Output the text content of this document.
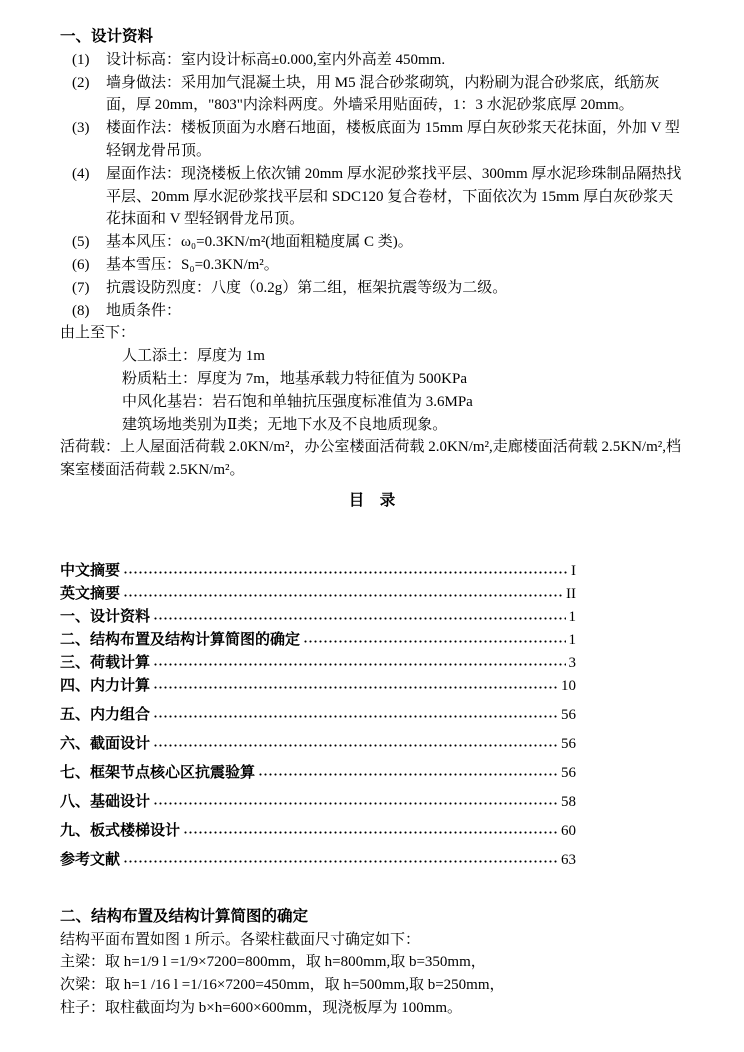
一、设计资料
(1)	设计标高：室内设计标高±0.000,室内外高差 450mm.
(2)	墙身做法：采用加气混凝土块，用 M5 混合砂浆砌筑，内粉刷为混合砂浆底，纸筋灰面，厚 20mm，"803"内涂料两度。外墙采用贴面砖，1：3 水泥砂浆底厚 20mm。
(3)	楼面作法：楼板顶面为水磨石地面，楼板底面为 15mm 厚白灰砂浆天花抹面，外加 V 型轻钢龙骨吊顶。
(4)	屋面作法：现浇楼板上依次铺 20mm 厚水泥砂浆找平层、300mm 厚水泥珍珠制品隔热找平层、20mm 厚水泥砂浆找平层和 SDC120 复合卷材，下面依次为 15mm 厚白灰砂浆天花抹面和 V 型轻钢骨龙吊顶。
(5)	基本风压：ω₀=0.3KN/m²(地面粗糙度属 C 类)。
(6)	基本雪压：S₀=0.3KN/m²。
(7)	抗震设防烈度：八度（0.2g）第二组，框架抗震等级为二级。
(8)	地质条件：

由上至下：

人工添土：厚度为 1m

粉质粘土：厚度为 7m，地基承载力特征值为 500KPa

中风化基岩：岩石饱和单轴抗压强度标准值为 3.6MPa

建筑场地类别为Ⅱ类；无地下水及不良地质现象。

活荷载：上人屋面活荷载 2.0KN/m²，办公室楼面活荷载 2.0KN/m²,走廊楼面活荷载 2.5KN/m²,档案室楼面活荷载 2.5KN/m²。

目　录
中文摘要	I
英文摘要	II
一、设计资料	1
二、结构布置及结构计算简图的确定	1
三、荷载计算	3
四、内力计算	10
五、内力组合	56
六、截面设计	56
七、框架节点核心区抗震验算	56
八、基础设计	58
九、板式楼梯设计	60
参考文献	63
二、结构布置及结构计算简图的确定

结构平面布置如图 1 所示。各梁柱截面尺寸确定如下：

主梁：取 h=1/9 l =1/9×7200=800mm，取 h=800mm,取 b=350mm，

次梁：取 h=1 /16 l =1/16×7200=450mm，取 h=500mm,取 b=250mm，

柱子：取柱截面均为 b×h=600×600mm，现浇板厚为 100mm。
